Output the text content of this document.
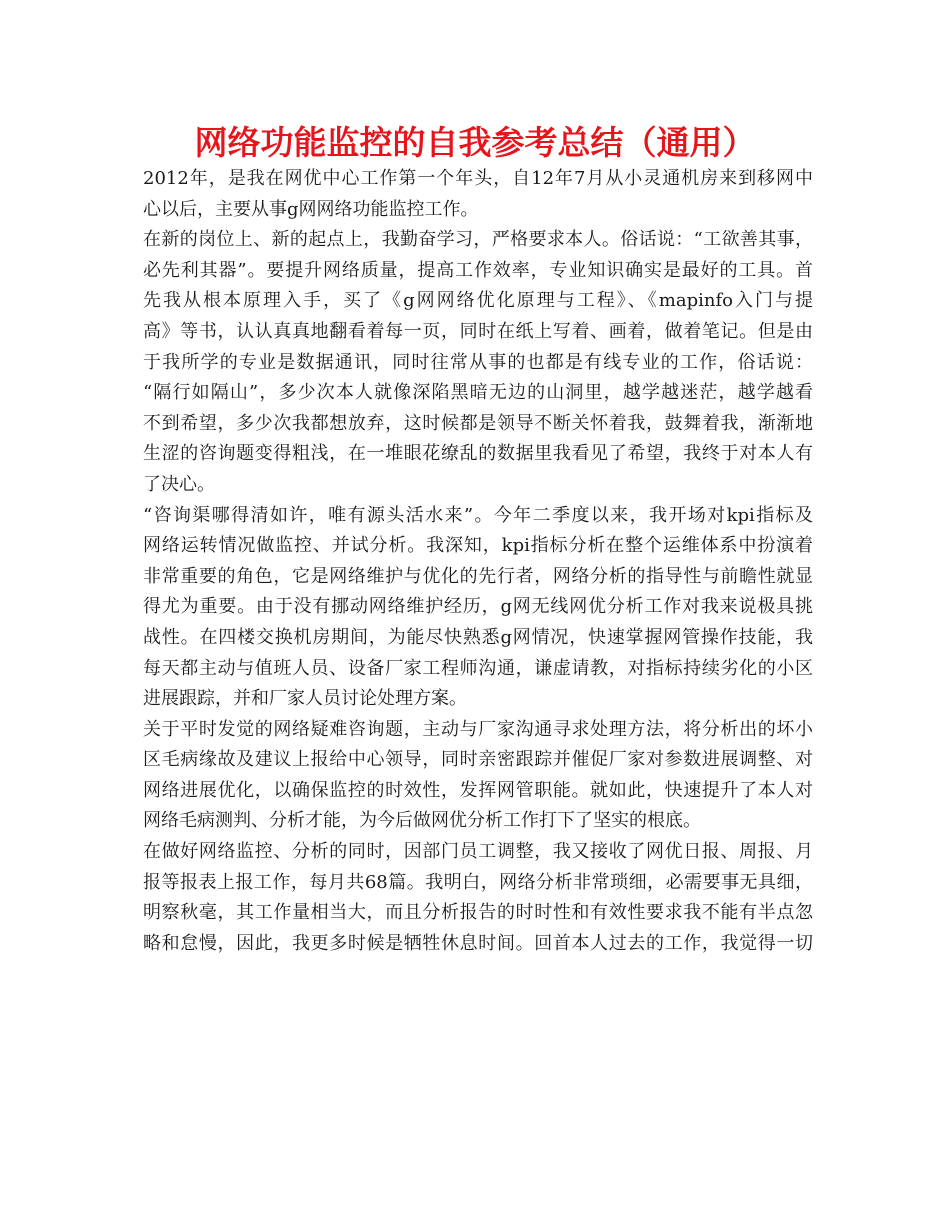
网络功能监控的自我参考总结（通用）
2012年，是我在网优中心工作第一个年头，自12年7月从小灵通机房来到移网中
心以后，主要从事g网网络功能监控工作。
在新的岗位上、新的起点上，我勤奋学习，严格要求本人。俗话说：“工欲善其事，
必先利其器”。要提升网络质量，提高工作效率，专业知识确实是最好的工具。首
先我从根本原理入手，买了《g网网络优化原理与工程》、《mapinfo入门与提
高》等书，认认真真地翻看着每一页，同时在纸上写着、画着，做着笔记。但是由
于我所学的专业是数据通讯，同时往常从事的也都是有线专业的工作，俗话说：
“隔行如隔山”，多少次本人就像深陷黑暗无边的山洞里，越学越迷茫，越学越看
不到希望，多少次我都想放弃，这时候都是领导不断关怀着我，鼓舞着我，渐渐地
生涩的咨询题变得粗浅，在一堆眼花缭乱的数据里我看见了希望，我终于对本人有
了决心。
“咨询渠哪得清如许，唯有源头活水来”。今年二季度以来，我开场对kpi指标及
网络运转情况做监控、并试分析。我深知，kpi指标分析在整个运维体系中扮演着
非常重要的角色，它是网络维护与优化的先行者，网络分析的指导性与前瞻性就显
得尤为重要。由于没有挪动网络维护经历，g网无线网优分析工作对我来说极具挑
战性。在四楼交换机房期间，为能尽快熟悉g网情况，快速掌握网管操作技能，我
每天都主动与值班人员、设备厂家工程师沟通，谦虚请教，对指标持续劣化的小区
进展跟踪，并和厂家人员讨论处理方案。
关于平时发觉的网络疑难咨询题，主动与厂家沟通寻求处理方法，将分析出的坏小
区毛病缘故及建议上报给中心领导，同时亲密跟踪并催促厂家对参数进展调整、对
网络进展优化，以确保监控的时效性，发挥网管职能。就如此，快速提升了本人对
网络毛病测判、分析才能，为今后做网优分析工作打下了坚实的根底。
在做好网络监控、分析的同时，因部门员工调整，我又接收了网优日报、周报、月
报等报表上报工作，每月共68篇。我明白，网络分析非常琐细，必需要事无具细，
明察秋毫，其工作量相当大，而且分析报告的时时性和有效性要求我不能有半点忽
略和怠慢，因此，我更多时候是牺牲休息时间。回首本人过去的工作，我觉得一切
